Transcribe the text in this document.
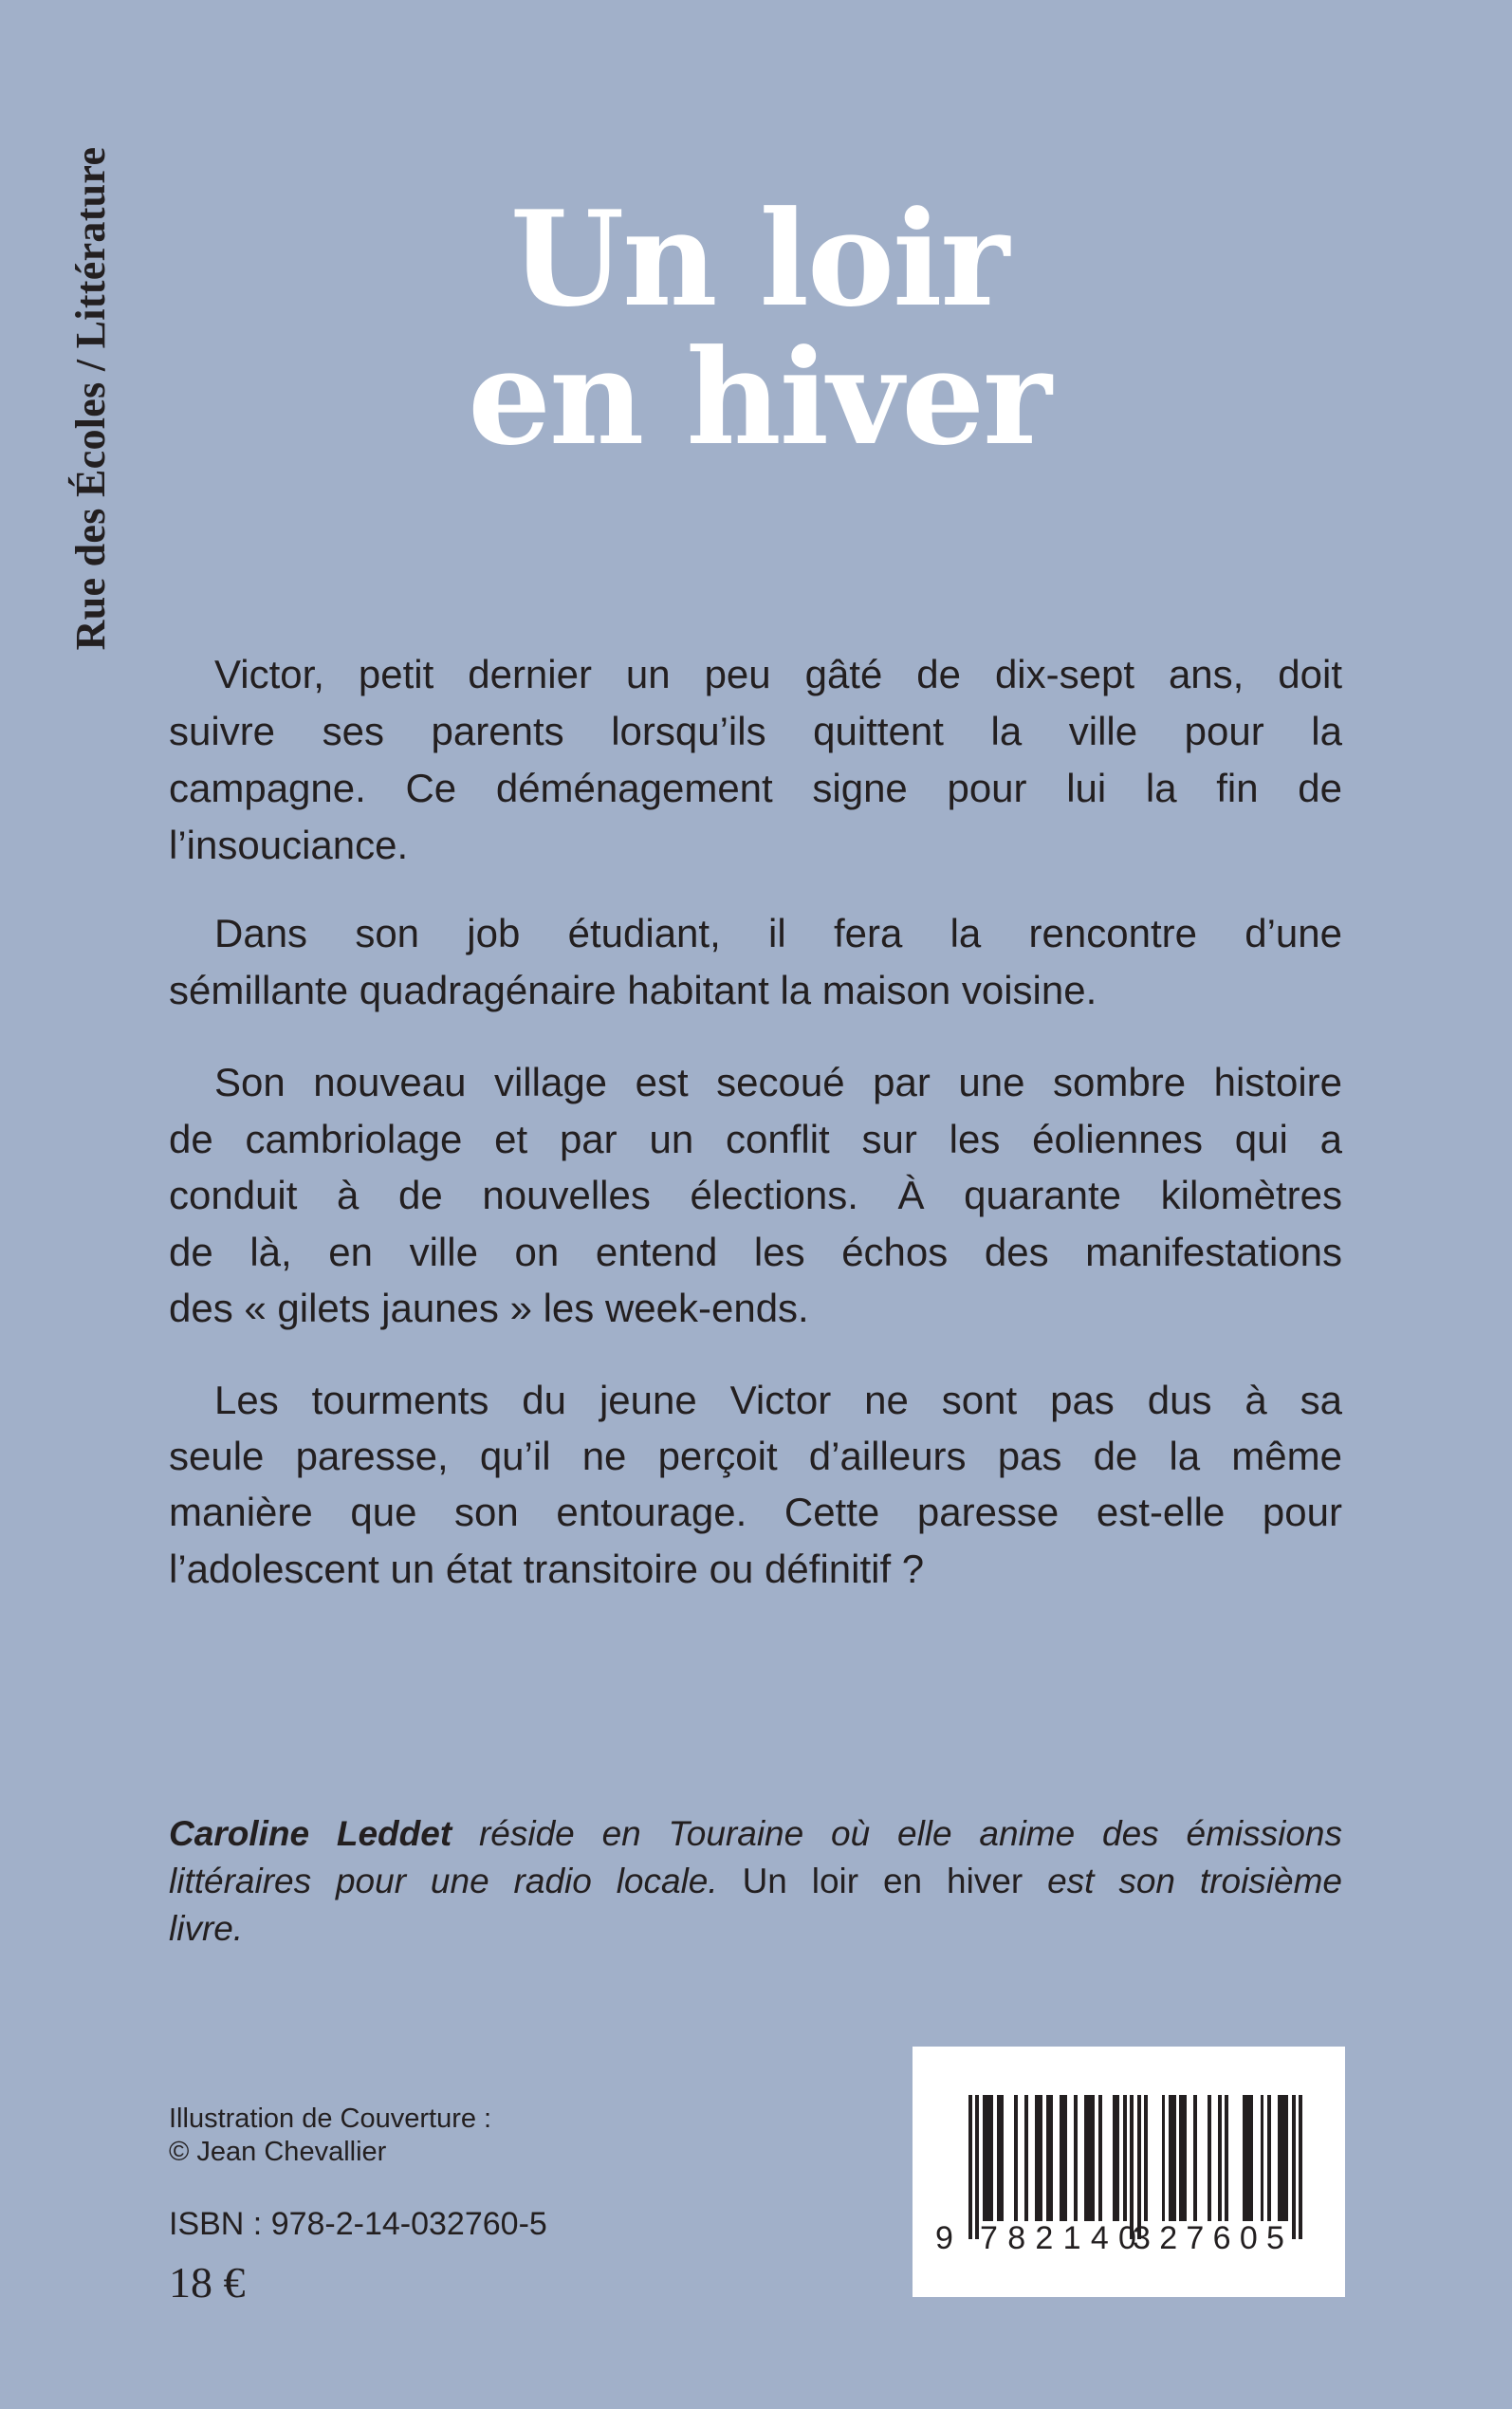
Rue des Écoles / Littérature	Un loir
en hiver
Victor, petit dernier un peu gâté de dix-sept ans, doit
suivre ses parents lorsqu’ils quittent la ville pour la
campagne. Ce déménagement signe pour lui la fin de
l’insouciance.
Dans son job étudiant, il fera la rencontre d’une
sémillante quadragénaire habitant la maison voisine.
Son nouveau village est secoué par une sombre histoire
de cambriolage et par un conflit sur les éoliennes qui a
conduit à de nouvelles élections. À quarante kilomètres
de là, en ville on entend les échos des manifestations
des « gilets jaunes » les week-ends.
Les tourments du jeune Victor ne sont pas dus à sa
seule paresse, qu’il ne perçoit d’ailleurs pas de la même
manière que son entourage. Cette paresse est-elle pour
l’adolescent un état transitoire ou définitif ?
Caroline Leddet réside en Touraine où elle anime des émissions
littéraires pour une radio locale. Un loir en hiver est son troisième
livre.
Illustration de Couverture :
© Jean Chevallier
ISBN : 978-2-14-032760-5
18 €
9 7 8 2 1 4 0
3 2 7 6 0 5
